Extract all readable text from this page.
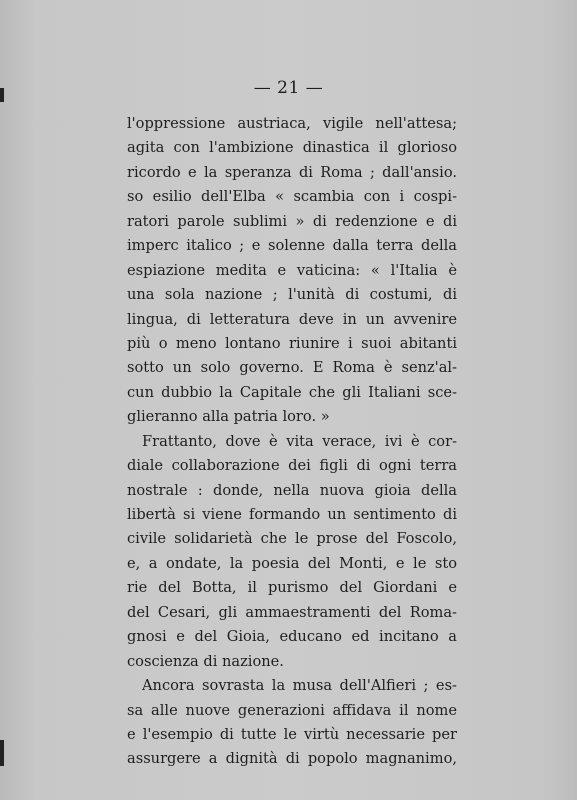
— 21 —
l'oppressione austriaca, vigile nell'attesa;
agita con l'ambizione dinastica il glorioso
ricordo e la speranza di Roma ; dall'ansio.
so esilio dell'Elba « scambia con i cospi-
ratori parole sublimi » di redenzione e di
imperc italico ; e solenne dalla terra della
espiazione medita e vaticina: « l'Italia è
una sola nazione ; l'unità di costumi, di
lingua, di letteratura deve in un avvenire
più o meno lontano riunire i suoi abitanti
sotto un solo governo. E Roma è senz'al-
cun dubbio la Capitale che gli Italiani sce-
glieranno alla patria loro. »
Frattanto, dove è vita verace, ivi è cor-
diale collaborazione dei figli di ogni terra
nostrale : donde, nella nuova gioia della
libertà si viene formando un sentimento di
civile solidarietà che le prose del Foscolo,
e, a ondate, la poesia del Monti, e le sto
rie del Botta, il purismo del Giordani e
del Cesari, gli ammaestramenti del Roma-
gnosi e del Gioia, educano ed incitano a
coscienza di nazione.
Ancora sovrasta la musa dell'Alfieri ; es-
sa alle nuove generazioni affidava il nome
e l'esempio di tutte le virtù necessarie per
assurgere a dignità di popolo magnanimo,
